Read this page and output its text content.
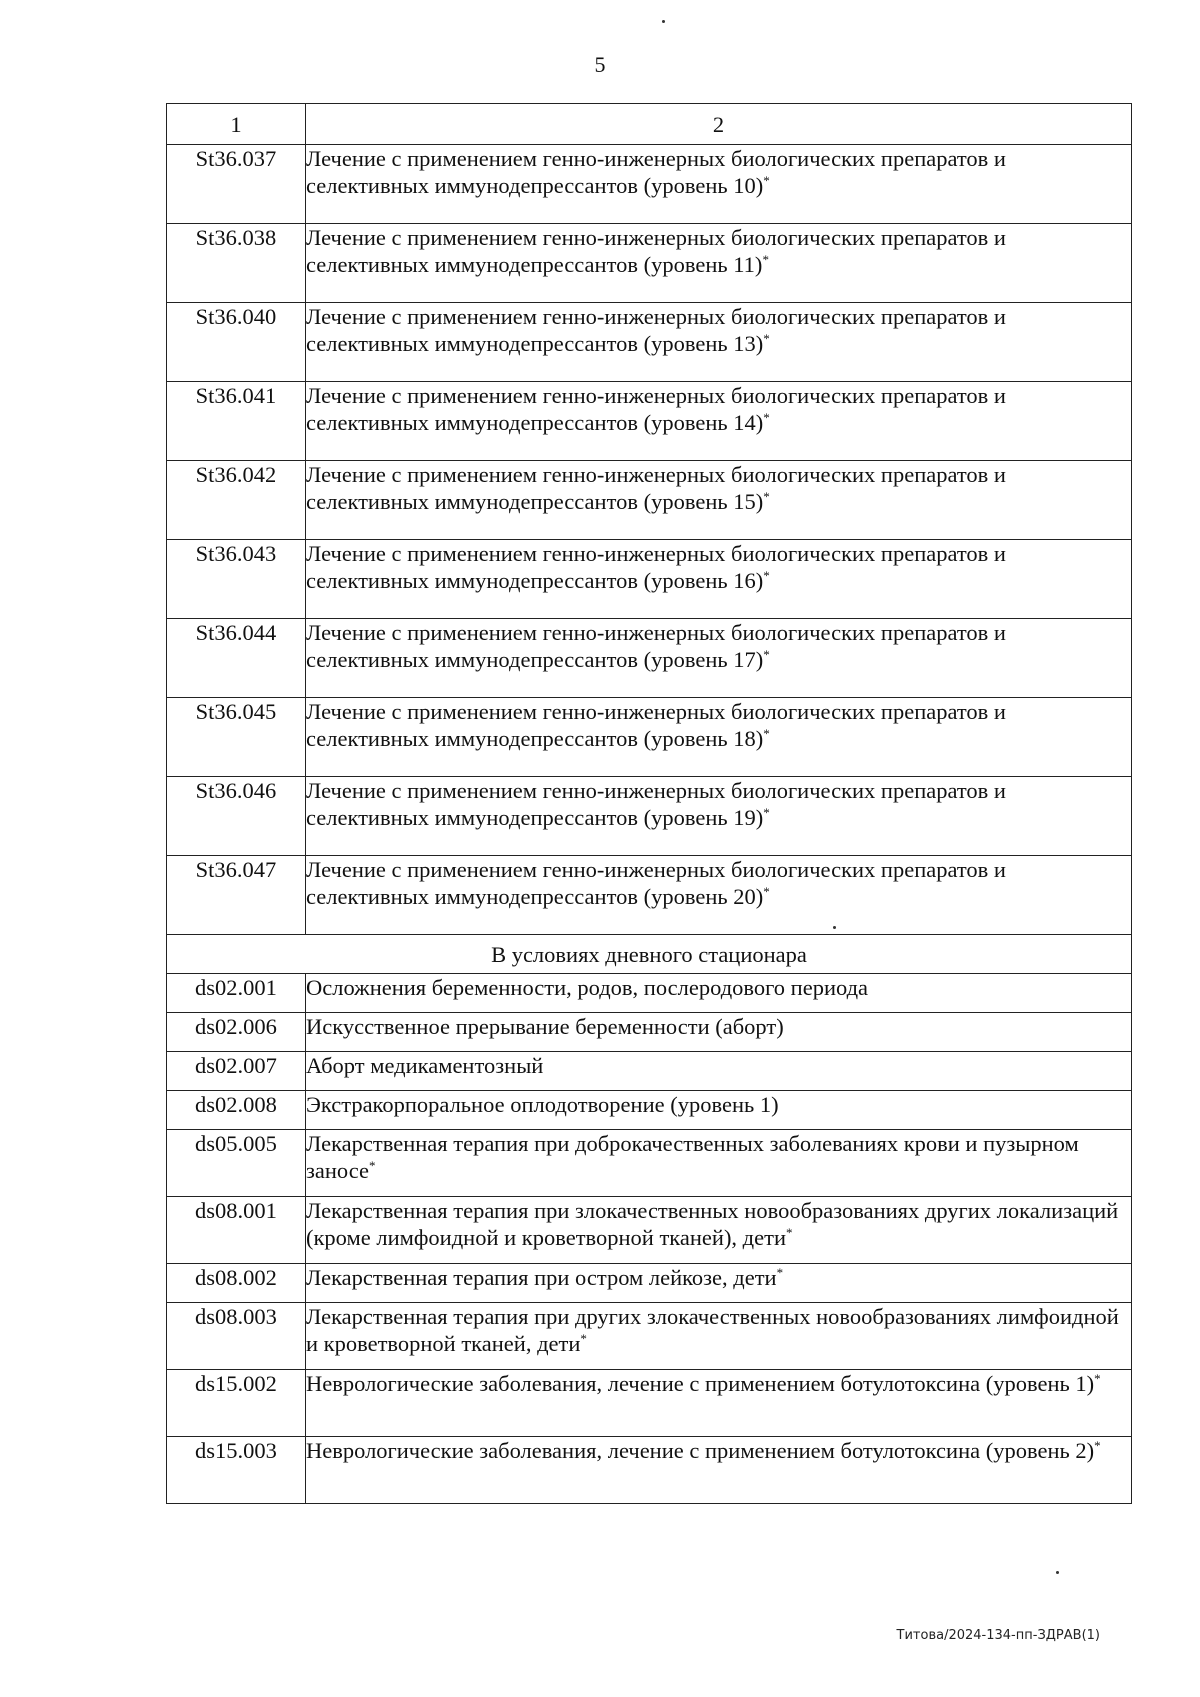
5
1	2
St36.037	Лечение с применением генно-инженерных биологических препаратов и селективных иммунодепрессантов (уровень 10)*
St36.038	Лечение с применением генно-инженерных биологических препаратов и селективных иммунодепрессантов (уровень 11)*
St36.040	Лечение с применением генно-инженерных биологических препаратов и селективных иммунодепрессантов (уровень 13)*
St36.041	Лечение с применением генно-инженерных биологических препаратов и селективных иммунодепрессантов (уровень 14)*
St36.042	Лечение с применением генно-инженерных биологических препаратов и селективных иммунодепрессантов (уровень 15)*
St36.043	Лечение с применением генно-инженерных биологических препаратов и селективных иммунодепрессантов (уровень 16)*
St36.044	Лечение с применением генно-инженерных биологических препаратов и селективных иммунодепрессантов (уровень 17)*
St36.045	Лечение с применением генно-инженерных биологических препаратов и селективных иммунодепрессантов (уровень 18)*
St36.046	Лечение с применением генно-инженерных биологических препаратов и селективных иммунодепрессантов (уровень 19)*
St36.047	Лечение с применением генно-инженерных биологических препаратов и селективных иммунодепрессантов (уровень 20)*
В условиях дневного стационара	
ds02.001	Осложнения беременности, родов, послеродового периода
ds02.006	Искусственное прерывание беременности (аборт)
ds02.007	Аборт медикаментозный
ds02.008	Экстракорпоральное оплодотворение (уровень 1)
ds05.005	Лекарственная терапия при доброкачественных заболеваниях крови и пузырном заносе*
ds08.001	Лекарственная терапия при злокачественных новообразованиях других локализаций (кроме лимфоидной и кроветворной тканей), дети*
ds08.002	Лекарственная терапия при остром лейкозе, дети*
ds08.003	Лекарственная терапия при других злокачественных новообразованиях лимфоидной и кроветворной тканей, дети*
ds15.002	Неврологические заболевания, лечение с применением ботулотоксина (уровень 1)*
ds15.003	Неврологические заболевания, лечение с применением ботулотоксина (уровень 2)*
Титова/2024-134-пп-ЗДРАВ(1)
